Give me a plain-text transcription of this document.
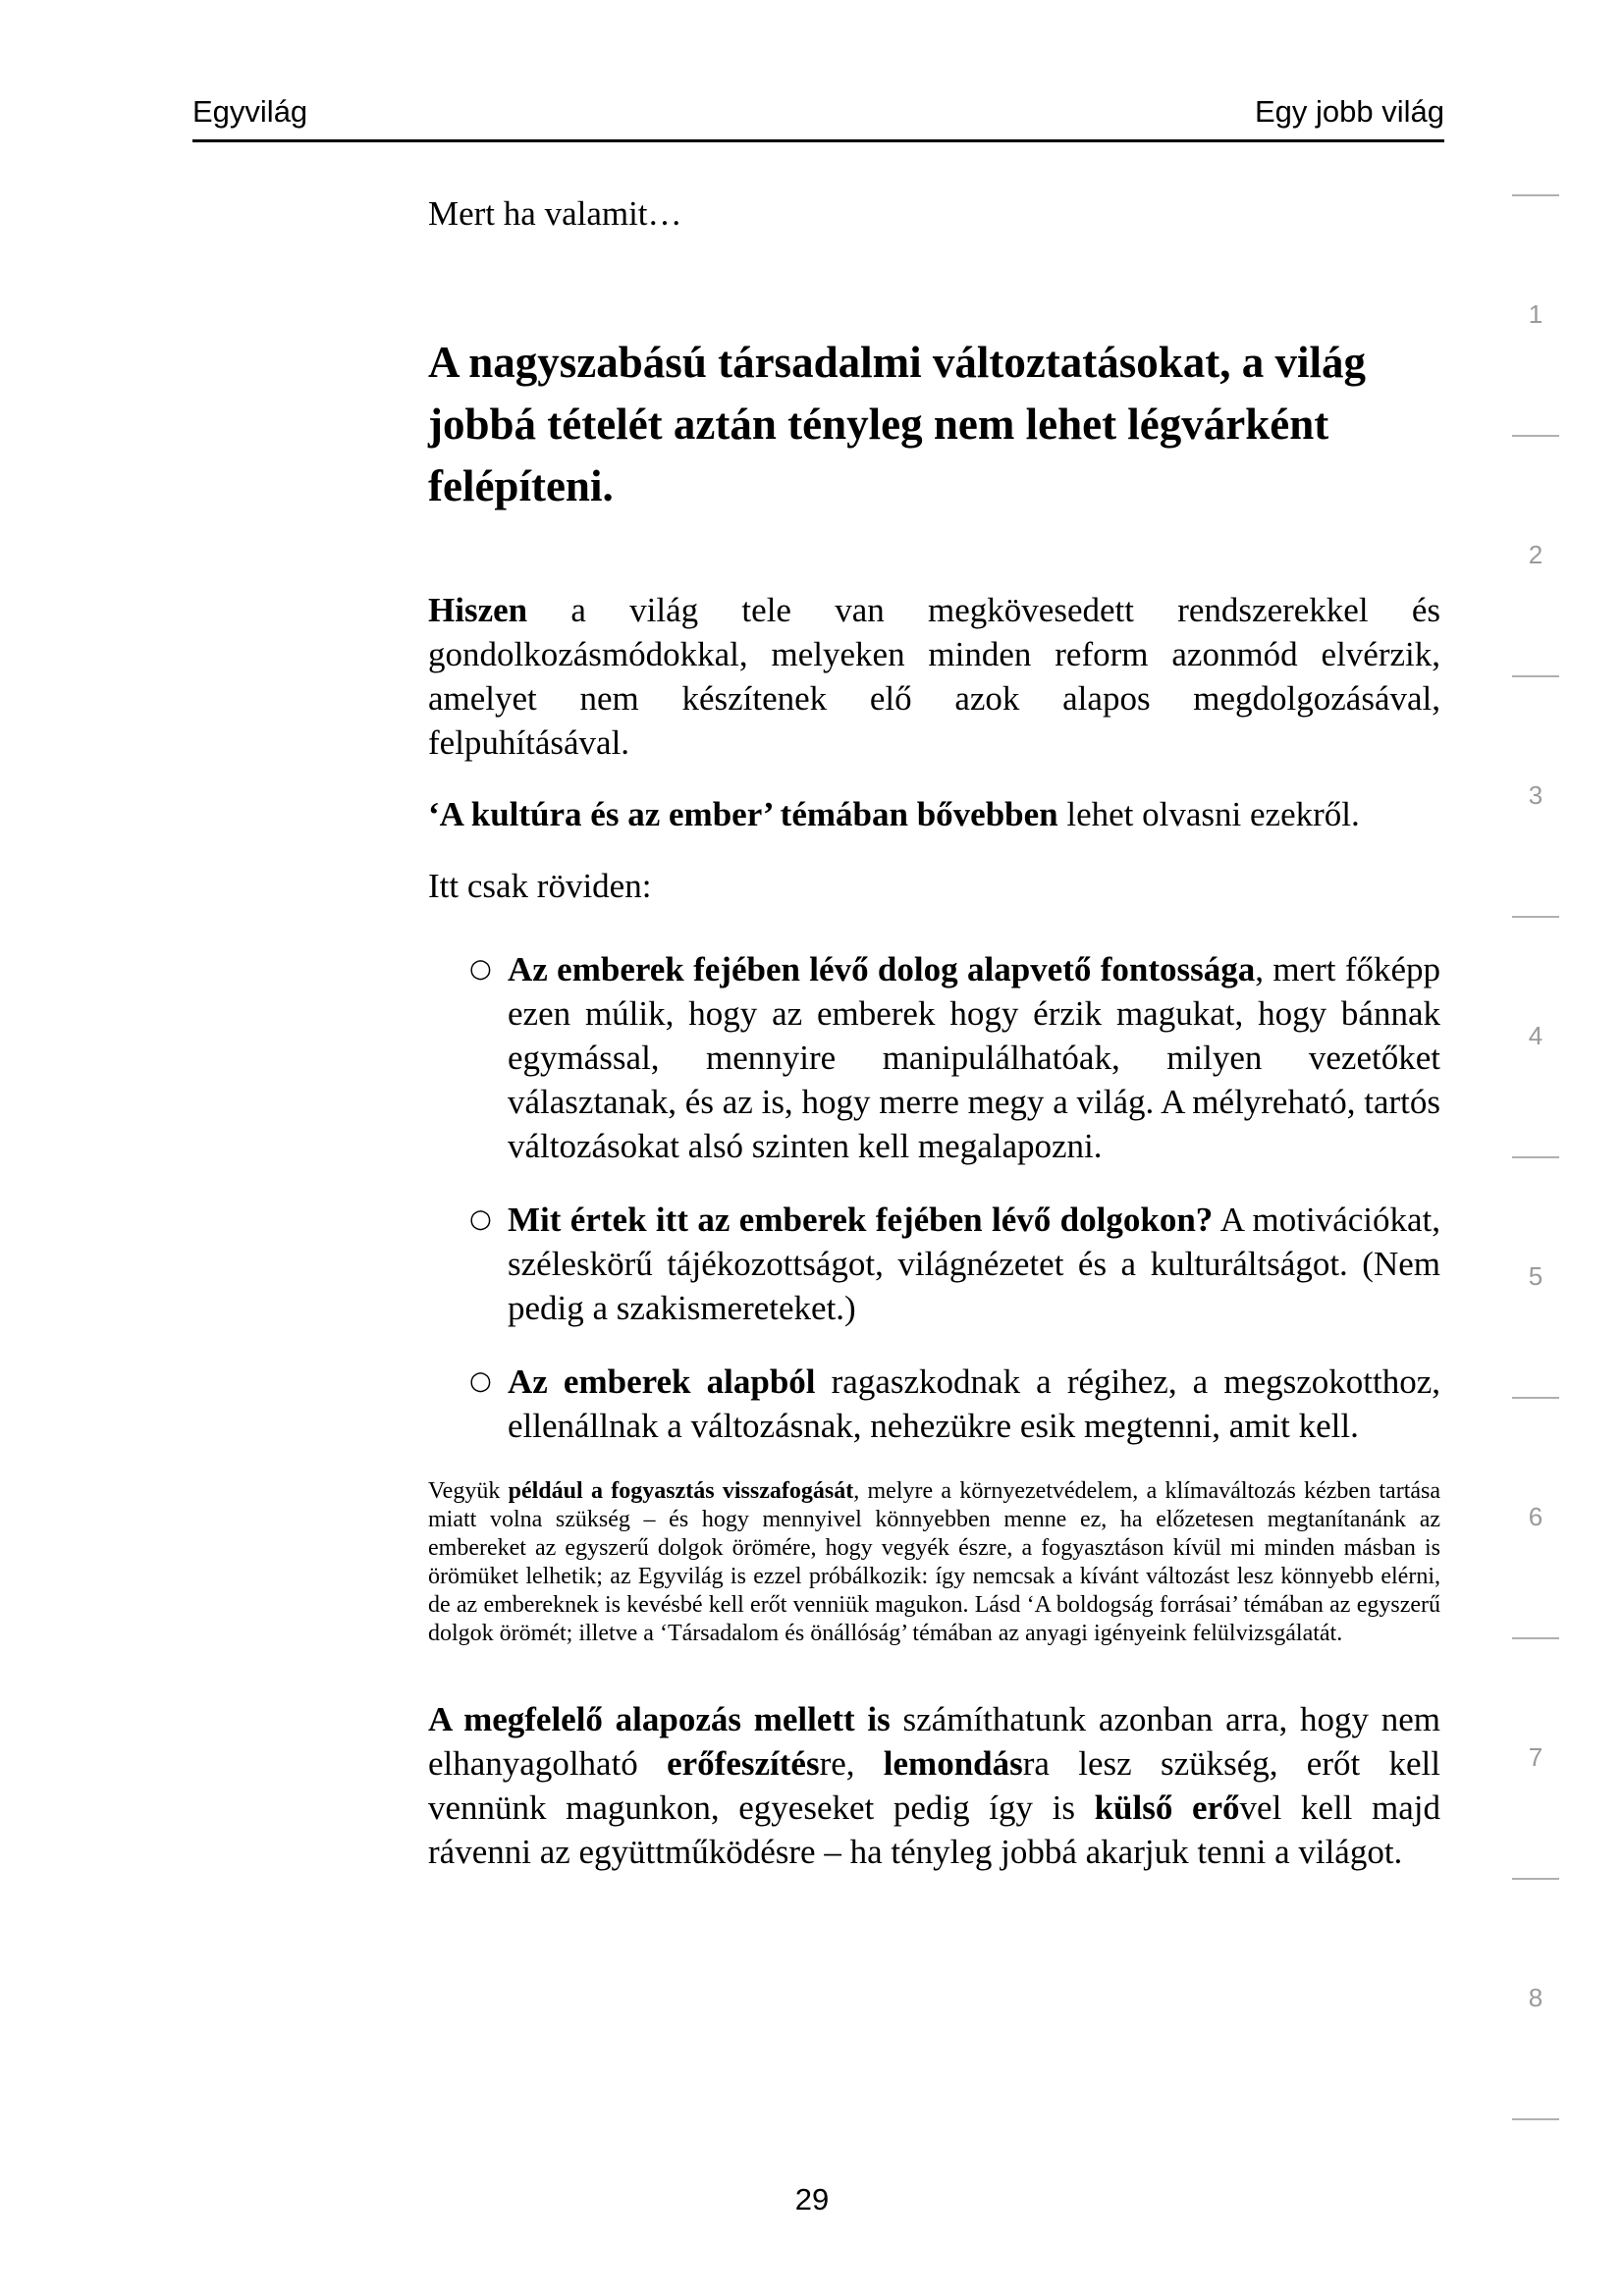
Egyvilág	Egy jobb világ

Mert ha valamit…

A nagyszabású társadalmi változtatásokat, a világ jobbá tételét aztán tényleg nem lehet légvárként felépíteni.

Hiszen a világ tele van megkövesedett rendszerekkel és gondolkozásmódokkal, melyeken minden reform azonmód elvérzik, amelyet nem készítenek elő azok alapos megdolgozásával, felpuhításával.

‘A kultúra és az ember’ témában bővebben lehet olvasni ezekről.

Itt csak röviden:

○ Az emberek fejében lévő dolog alapvető fontossága, mert főképp ezen múlik, hogy az emberek hogy érzik magukat, hogy bánnak egymással, mennyire manipulálhatóak, milyen vezetőket választanak, és az is, hogy merre megy a világ. A mélyreható, tartós változásokat alsó szinten kell megalapozni.
○ Mit értek itt az emberek fejében lévő dolgokon? A motivációkat, széleskörű tájékozottságot, világnézetet és a kulturáltságot. (Nem pedig a szakismereteket.)
○ Az emberek alapból ragaszkodnak a régihez, a megszokotthoz, ellenállnak a változásnak, nehezükre esik megtenni, amit kell.

Vegyük például a fogyasztás visszafogását, melyre a környezetvédelem, a klímaváltozás kézben tartása miatt volna szükség – és hogy mennyivel könnyebben menne ez, ha előzetesen megtanítanánk az embereket az egyszerű dolgok örömére, hogy vegyék észre, a fogyasztáson kívül mi minden másban is örömüket lelhetik; az Egyvilág is ezzel próbálkozik: így nemcsak a kívánt változást lesz könnyebb elérni, de az embereknek is kevésbé kell erőt venniük magukon. Lásd ‘A boldogság forrásai’ témában az egyszerű dolgok örömét; illetve a ‘Társadalom és önállóság’ témában az anyagi igényeink felülvizsgálatát.

A megfelelő alapozás mellett is számíthatunk azonban arra, hogy nem elhanyagolható erőfeszítésre, lemondásra lesz szükség, erőt kell vennünk magunkon, egyeseket pedig így is külső erővel kell majd rávenni az együttműködésre – ha tényleg jobbá akarjuk tenni a világot.

1
2
3
4
5
6
7
8
29
